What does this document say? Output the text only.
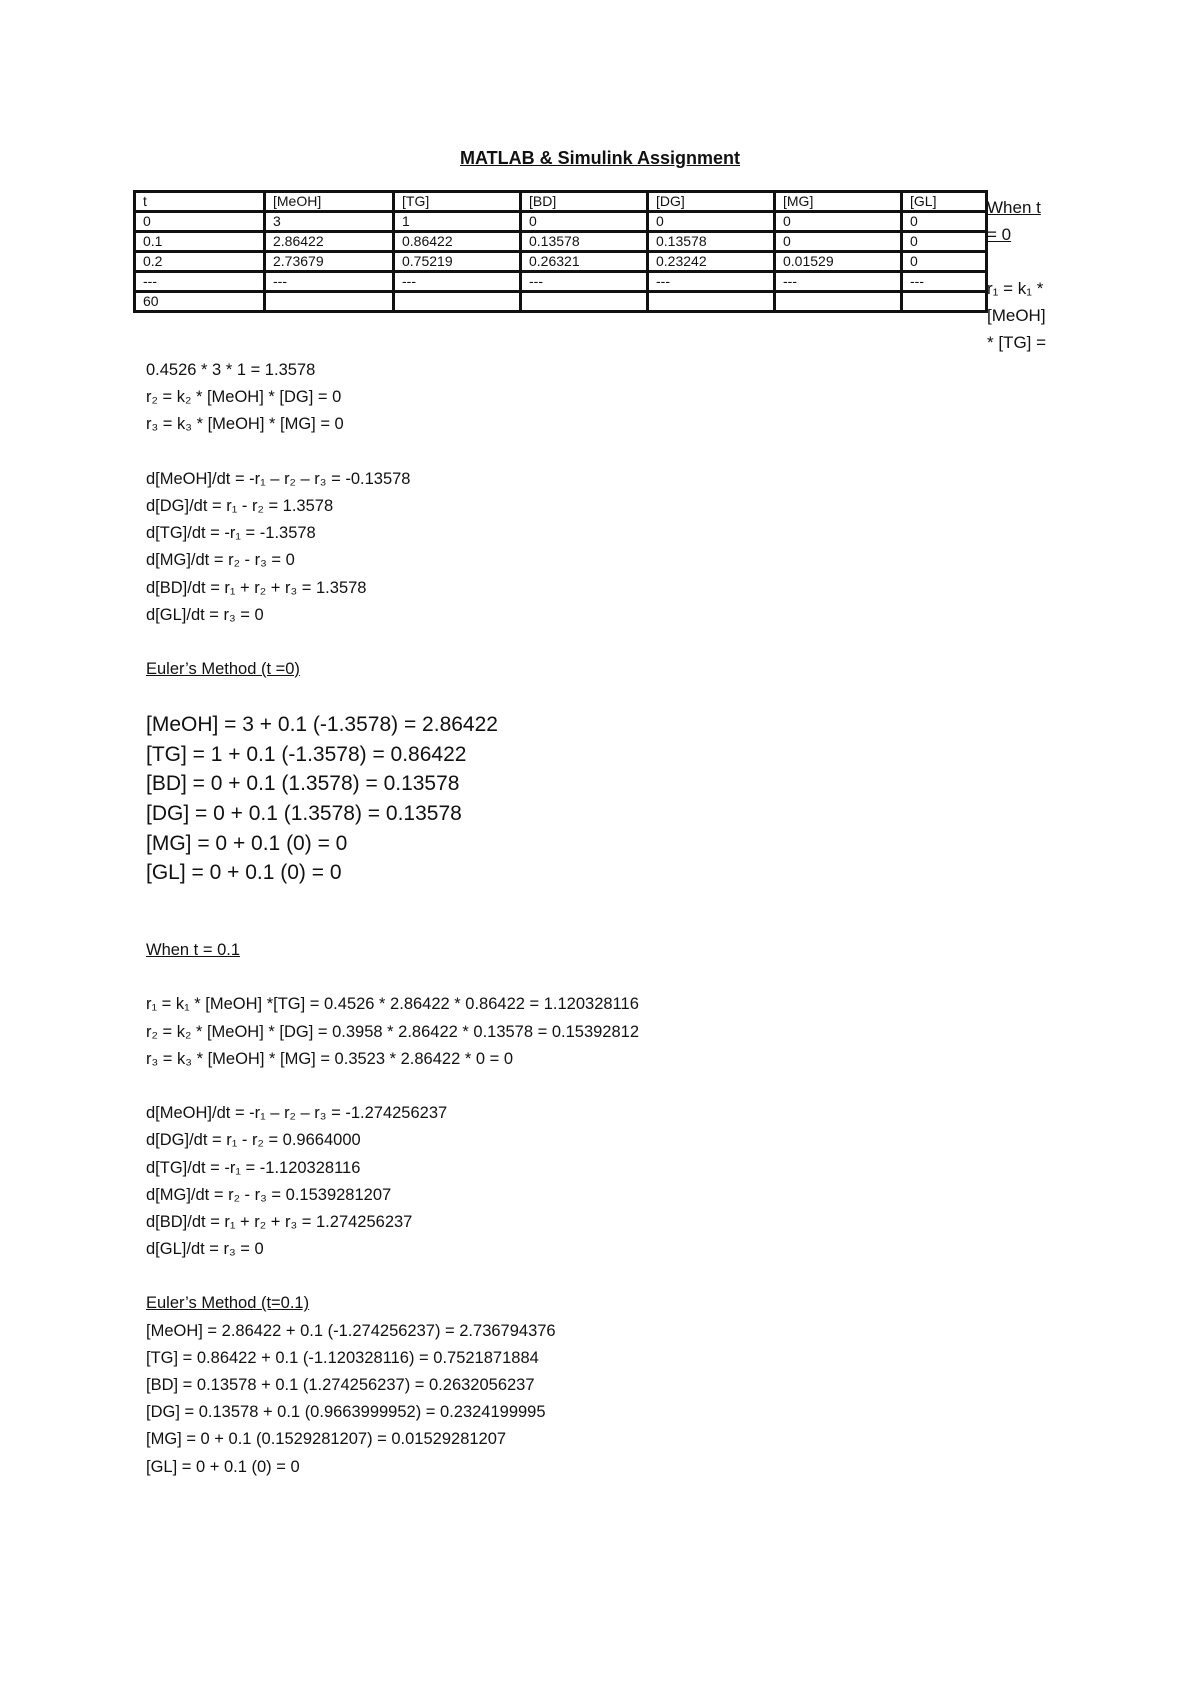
MATLAB & Simulink Assignment
t	[MeOH]	[TG]	[BD]	[DG]	[MG]	[GL]
0	3	1	0	0	0	0
0.1	2.86422	0.86422	0.13578	0.13578	0	0
0.2	2.73679	0.75219	0.26321	0.23242	0.01529	0
---	---	---	---	---	---	---
60						
When t
= 0
r₁ = k₁ *
[MeOH]
* [TG] =
0.4526 * 3 * 1 = 1.3578
r₂ = k₂ * [MeOH] * [DG] = 0
r₃ = k₃ * [MeOH] * [MG] = 0
d[MeOH]/dt = -r₁ – r₂ – r₃ = -0.13578
d[DG]/dt = r₁ - r₂ = 1.3578
d[TG]/dt = -r₁ = -1.3578
d[MG]/dt = r₂ - r₃ = 0
d[BD]/dt = r₁ + r₂ + r₃ = 1.3578
d[GL]/dt = r₃ = 0
Euler’s Method (t =0)
[MeOH] = 3 + 0.1 (-1.3578) = 2.86422
[TG] = 1 + 0.1 (-1.3578) = 0.86422
[BD] = 0 + 0.1 (1.3578) = 0.13578
[DG] = 0 + 0.1 (1.3578) = 0.13578
[MG] = 0 + 0.1 (0) = 0
[GL] = 0 + 0.1 (0) = 0
When t = 0.1
r₁ = k₁ * [MeOH] *[TG] = 0.4526 * 2.86422 * 0.86422 = 1.120328116
r₂ = k₂ * [MeOH] * [DG] = 0.3958 * 2.86422 * 0.13578 = 0.15392812
r₃ = k₃ * [MeOH] * [MG] = 0.3523 * 2.86422 * 0 = 0
d[MeOH]/dt = -r₁ – r₂ – r₃ = -1.274256237
d[DG]/dt = r₁ - r₂ = 0.9664000
d[TG]/dt = -r₁ = -1.120328116
d[MG]/dt = r₂ - r₃ = 0.1539281207
d[BD]/dt = r₁ + r₂ + r₃ = 1.274256237
d[GL]/dt = r₃ = 0
Euler’s Method (t=0.1)
[MeOH] = 2.86422 + 0.1 (-1.274256237) = 2.736794376
[TG] = 0.86422 + 0.1 (-1.120328116) = 0.7521871884
[BD] = 0.13578 + 0.1 (1.274256237) = 0.2632056237
[DG] = 0.13578 + 0.1 (0.9663999952) = 0.2324199995
[MG] = 0 + 0.1 (0.1529281207) = 0.01529281207
[GL] = 0 + 0.1 (0) = 0
